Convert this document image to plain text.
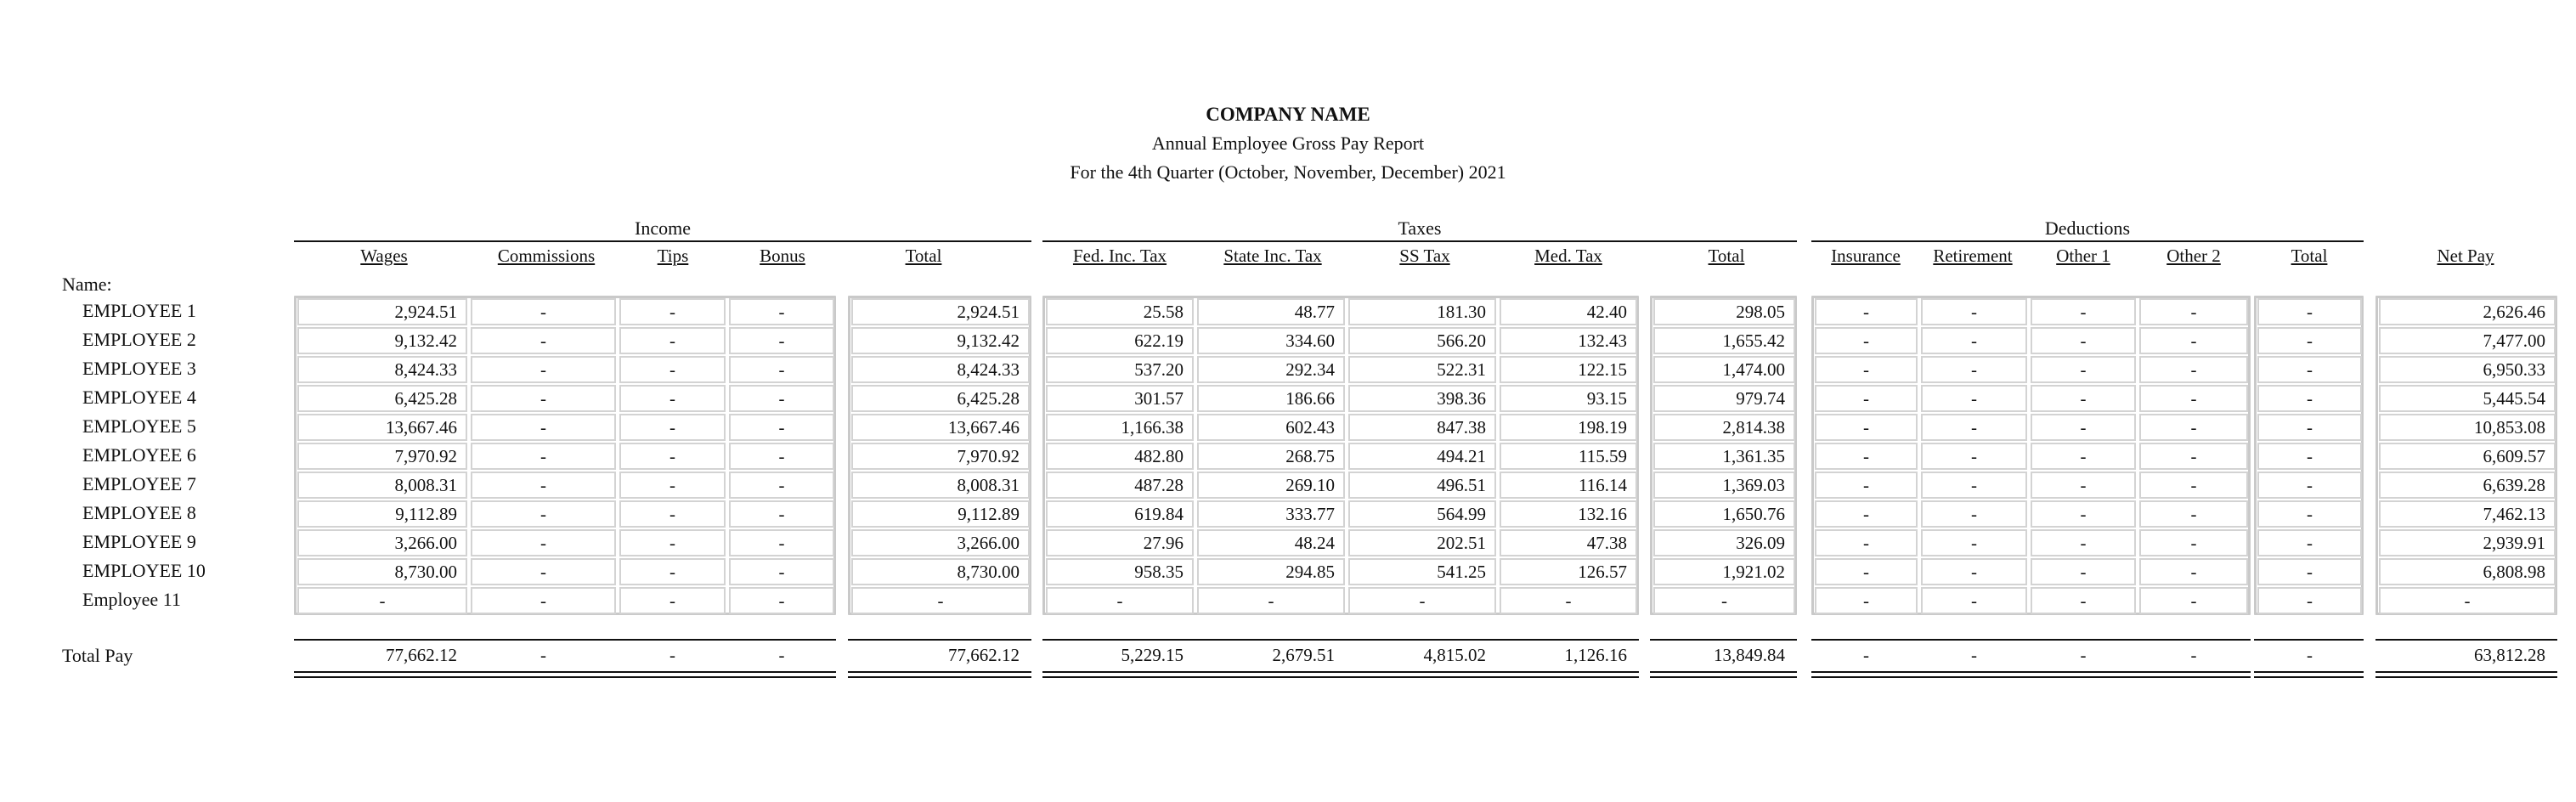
COMPANY NAME
Annual Employee Gross Pay Report
For the 4th Quarter (October, November, December) 2021
Income	Taxes	Deductions
Wages	Commissions	Tips	Bonus	Total	Fed. Inc. Tax	State Inc. Tax	SS Tax	Med. Tax	Total	Insurance	Retirement	Other 1	Other 2	Total	Net Pay
Name:
EMPLOYEE 1	2,924.51	-	-	-	2,924.51	25.58	48.77	181.30	42.40	298.05	-	-	-	-	-	2,626.46
EMPLOYEE 2	9,132.42	-	-	-	9,132.42	622.19	334.60	566.20	132.43	1,655.42	-	-	-	-	-	7,477.00
EMPLOYEE 3	8,424.33	-	-	-	8,424.33	537.20	292.34	522.31	122.15	1,474.00	-	-	-	-	-	6,950.33
EMPLOYEE 4	6,425.28	-	-	-	6,425.28	301.57	186.66	398.36	93.15	979.74	-	-	-	-	-	5,445.54
EMPLOYEE 5	13,667.46	-	-	-	13,667.46	1,166.38	602.43	847.38	198.19	2,814.38	-	-	-	-	-	10,853.08
EMPLOYEE 6	7,970.92	-	-	-	7,970.92	482.80	268.75	494.21	115.59	1,361.35	-	-	-	-	-	6,609.57
EMPLOYEE 7	8,008.31	-	-	-	8,008.31	487.28	269.10	496.51	116.14	1,369.03	-	-	-	-	-	6,639.28
EMPLOYEE 8	9,112.89	-	-	-	9,112.89	619.84	333.77	564.99	132.16	1,650.76	-	-	-	-	-	7,462.13
EMPLOYEE 9	3,266.00	-	-	-	3,266.00	27.96	48.24	202.51	47.38	326.09	-	-	-	-	-	2,939.91
EMPLOYEE 10	8,730.00	-	-	-	8,730.00	958.35	294.85	541.25	126.57	1,921.02	-	-	-	-	-	6,808.98
Employee 11	-	-	-	-	-	-	-	-	-	-	-	-	-	-	-	-
Total Pay	77,662.12	-	-	-	77,662.12	5,229.15	2,679.51	4,815.02	1,126.16	13,849.84	-	-	-	-	-	63,812.28
